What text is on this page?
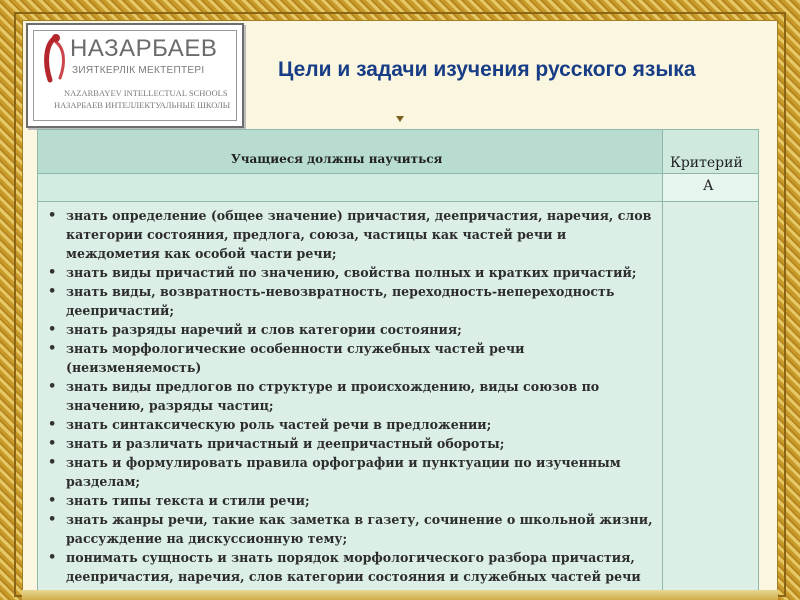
НАЗАРБАЕВ
ЗИЯТКЕРЛІК МЕКТЕПТЕРІ
NAZARBAYEV INTELLECTUAL SCHOOLS
НАЗАРБАЕВ ИНТЕЛЛЕКТУАЛЬНЫЕ ШКОЛЫ
Цели и задачи изучения русского языка
Учащиеся должны научиться	Критерий
А
• знать определение (общее значение) причастия, деепричастия, наречия, слов категории состояния, предлога, союза, частицы как частей речи и междометия как особой части речи;
• знать виды причастий по значению, свойства полных и кратких причастий;
• знать виды, возвратность-невозвратность, переходность-непереходность деепричастий;
• знать разряды наречий и слов категории состояния;
• знать морфологические особенности служебных частей речи (неизменяемость)
• знать виды предлогов по структуре и происхождению, виды союзов по значению, разряды частиц;
• знать синтаксическую роль частей речи в предложении;
• знать и различать причастный и деепричастный обороты;
• знать и формулировать правила орфографии и пунктуации по изученным разделам;
• знать типы текста и стили речи;
• знать жанры речи, такие как заметка в газету, сочинение о школьной жизни, рассуждение на дискуссионную тему;
• понимать сущность и знать порядок морфологического разбора причастия, деепричастия, наречия, слов категории состояния и служебных частей речи
